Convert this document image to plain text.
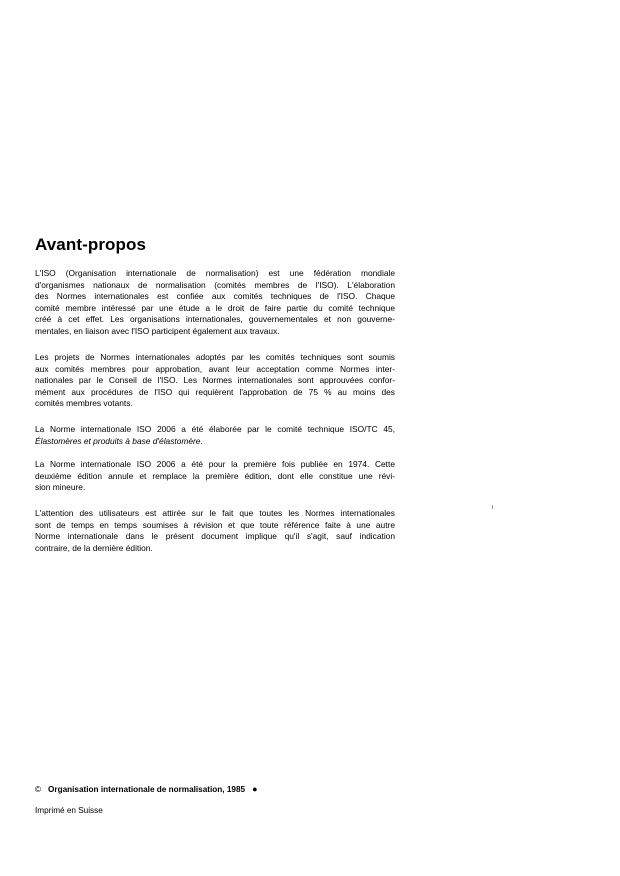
Avant-propos
L'ISO (Organisation internationale de normalisation) est une fédération mondiale
d'organismes nationaux de normalisation (comités membres de l'ISO). L'élaboration
des Normes internationales est confiée aux comités techniques de l'ISO. Chaque
comité membre intéressé par une étude a le droit de faire partie du comité technique
créé à cet effet. Les organisations internationales, gouvernementales et non gouverne-
mentales, en liaison avec l'ISO participent également aux travaux.
Les projets de Normes internationales adoptés par les comités techniques sont soumis
aux comités membres pour approbation, avant leur acceptation comme Normes inter-
nationales par le Conseil de l'ISO. Les Normes internationales sont approuvées confor-
mément aux procédures de l'ISO qui requièrent l'approbation de 75 % au moins des
comités membres votants.
La Norme internationale ISO 2006 a été élaborée par le comité technique ISO/TC 45,
Élastomères et produits à base d'élastomère.
La Norme internationale ISO 2006 a été pour la première fois publiée en 1974. Cette
deuxième édition annule et remplace la première édition, dont elle constitue une révi-
sion mineure.
L'attention des utilisateurs est attirée sur le fait que toutes les Normes internationales
sont de temps en temps soumises à révision et que toute référence faite à une autre
Norme internationale dans le présent document implique qu'il s'agit, sauf indication
contraire, de la dernière édition.
© Organisation internationale de normalisation, 1985 ●
Imprimé en Suisse
